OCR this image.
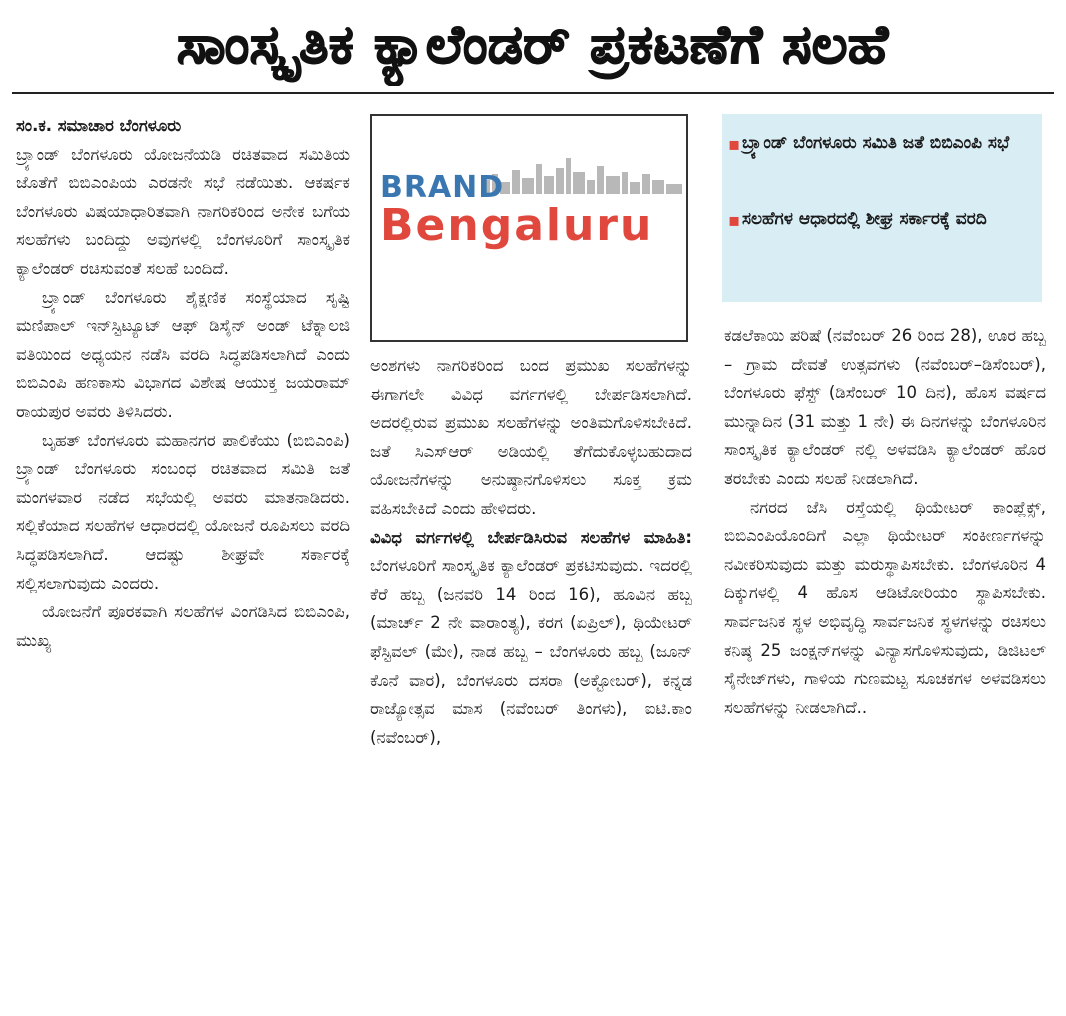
ಸಾಂಸ್ಕೃತಿಕ ಕ್ಯಾಲೆಂಡರ್ ಪ್ರಕಟಣೆಗೆ ಸಲಹೆ

ಸಂ.ಕ. ಸಮಾಚಾರ ಬೆಂಗಳೂರು

ಬ್ರ್ಯಾಂಡ್ ಬೆಂಗಳೂರು ಯೋಜನೆಯಡಿ ರಚಿತವಾದ ಸಮಿತಿಯ ಜೊತೆಗೆ ಬಿಬಿಎಂಪಿಯ ಎರಡನೇ ಸಭೆ ನಡೆಯಿತು. ಆಕರ್ಷಕ ಬೆಂಗಳೂರು ವಿಷಯಾಧಾರಿತವಾಗಿ ನಾಗರಿಕರಿಂದ ಅನೇಕ ಬಗೆಯ ಸಲಹೆಗಳು ಬಂದಿದ್ದು ಅವುಗಳಲ್ಲಿ ಬೆಂಗಳೂರಿಗೆ ಸಾಂಸ್ಕೃತಿಕ ಕ್ಯಾಲೆಂಡರ್ ರಚಿಸುವಂತೆ ಸಲಹೆ ಬಂದಿದೆ.

ಬ್ರ್ಯಾಂಡ್ ಬೆಂಗಳೂರು ಶೈಕ್ಷಣಿಕ ಸಂಸ್ಥೆಯಾದ ಸೃಷ್ಟಿ ಮಣಿಪಾಲ್ ಇನ್‌ಸ್ಟಿಟ್ಯೂಟ್ ಆಫ್ ಡಿಸೈನ್ ಅಂಡ್ ಟೆಕ್ನಾಲಜಿ ವತಿಯಿಂದ ಅಧ್ಯಯನ ನಡೆಸಿ ವರದಿ ಸಿದ್ಧಪಡಿಸಲಾಗಿದೆ ಎಂದು ಬಿಬಿಎಂಪಿ ಹಣಕಾಸು ವಿಭಾಗದ ವಿಶೇಷ ಆಯುಕ್ತ ಜಯರಾಮ್ ರಾಯಪುರ ಅವರು ತಿಳಿಸಿದರು.

ಬೃಹತ್ ಬೆಂಗಳೂರು ಮಹಾನಗರ ಪಾಲಿಕೆಯು (ಬಿಬಿಎಂಪಿ) ಬ್ರ್ಯಾಂಡ್ ಬೆಂಗಳೂರು ಸಂಬಂಧ ರಚಿತವಾದ ಸಮಿತಿ ಜತೆ ಮಂಗಳವಾರ ನಡೆದ ಸಭೆಯಲ್ಲಿ ಅವರು ಮಾತನಾಡಿದರು. ಸಲ್ಲಿಕೆಯಾದ ಸಲಹೆಗಳ ಆಧಾರದಲ್ಲಿ ಯೋಜನೆ ರೂಪಿಸಲು ವರದಿ ಸಿದ್ಧಪಡಿಸಲಾಗಿದೆ. ಆದಷ್ಟು ಶೀಘ್ರವೇ ಸರ್ಕಾರಕ್ಕೆ ಸಲ್ಲಿಸಲಾಗುವುದು ಎಂದರು.

ಯೋಜನೆಗೆ ಪೂರಕವಾಗಿ ಸಲಹೆಗಳ ವಿಂಗಡಿಸಿದ ಬಿಬಿಎಂಪಿ, ಮುಖ್ಯ

BRAND
Bengaluru
▪ ಬ್ರ್ಯಾಂಡ್ ಬೆಂಗಳೂರು ಸಮಿತಿ ಜತೆ ಬಿಬಿಎಂಪಿ ಸಭೆ
▪ ಸಲಹೆಗಳ ಆಧಾರದಲ್ಲಿ ಶೀಘ್ರ ಸರ್ಕಾರಕ್ಕೆ ವರದಿ

ಅಂಶಗಳು ನಾಗರಿಕರಿಂದ ಬಂದ ಪ್ರಮುಖ ಸಲಹೆಗಳನ್ನು ಈಗಾಗಲೇ ವಿವಿಧ ವರ್ಗಗಳಲ್ಲಿ ಬೇರ್ಪಡಿಸಲಾಗಿದೆ. ಅದರಲ್ಲಿರುವ ಪ್ರಮುಖ ಸಲಹೆಗಳನ್ನು ಅಂತಿಮಗೊಳಿಸಬೇಕಿದೆ. ಜತೆ ಸಿಎಸ್‌ಆರ್ ಅಡಿಯಲ್ಲಿ ತೆಗೆದುಕೊಳ್ಳಬಹುದಾದ ಯೋಜನೆಗಳನ್ನು ಅನುಷ್ಠಾನಗೊಳಿಸಲು ಸೂಕ್ತ ಕ್ರಮ ವಹಿಸಬೇಕಿದೆ ಎಂದು ಹೇಳಿದರು.

ವಿವಿಧ ವರ್ಗಗಳಲ್ಲಿ ಬೇರ್ಪಡಿಸಿರುವ ಸಲಹೆಗಳ ಮಾಹಿತಿ: ಬೆಂಗಳೂರಿಗೆ ಸಾಂಸ್ಕೃತಿಕ ಕ್ಯಾಲೆಂಡರ್ ಪ್ರಕಟಿಸುವುದು. ಇದರಲ್ಲಿ ಕೆರೆ ಹಬ್ಬ (ಜನವರಿ 14 ರಿಂದ 16), ಹೂವಿನ ಹಬ್ಬ (ಮಾರ್ಚ್ 2 ನೇ ವಾರಾಂತ್ಯ), ಕರಗ (ಏಪ್ರಿಲ್), ಥಿಯೇಟರ್ ಫೆಸ್ಟಿವಲ್ (ಮೇ), ನಾಡ ಹಬ್ಬ – ಬೆಂಗಳೂರು ಹಬ್ಬ (ಜೂನ್ ಕೊನೆ ವಾರ), ಬೆಂಗಳೂರು ದಸರಾ (ಅಕ್ಟೋಬರ್), ಕನ್ನಡ ರಾಜ್ಯೋತ್ಸವ ಮಾಸ (ನವೆಂಬರ್ ತಿಂಗಳು), ಐಟಿ.ಕಾಂ (ನವೆಂಬರ್),

ಕಡಲೆಕಾಯಿ ಪರಿಷೆ (ನವೆಂಬರ್ 26 ರಿಂದ 28), ಊರ ಹಬ್ಬ – ಗ್ರಾಮ ದೇವತೆ ಉತ್ಸವಗಳು (ನವೆಂಬರ್–ಡಿಸೆಂಬರ್), ಬೆಂಗಳೂರು ಫೆಸ್ಟ್ (ಡಿಸೆಂಬರ್ 10 ದಿನ), ಹೊಸ ವರ್ಷದ ಮುನ್ನಾದಿನ (31 ಮತ್ತು 1 ನೇ) ಈ ದಿನಗಳನ್ನು ಬೆಂಗಳೂರಿನ ಸಾಂಸ್ಕೃತಿಕ ಕ್ಯಾಲೆಂಡರ್ ನಲ್ಲಿ ಅಳವಡಿಸಿ ಕ್ಯಾಲೆಂಡರ್ ಹೊರ ತರಬೇಕು ಎಂದು ಸಲಹೆ ನೀಡಲಾಗಿದೆ.

ನಗರದ ಜೆಸಿ ರಸ್ತೆಯಲ್ಲಿ ಥಿಯೇಟರ್ ಕಾಂಪ್ಲೆಕ್ಸ್, ಬಿಬಿಎಂಪಿಯೊಂದಿಗೆ ಎಲ್ಲಾ ಥಿಯೇಟರ್ ಸಂಕೀರ್ಣಗಳನ್ನು ನವೀಕರಿಸುವುದು ಮತ್ತು ಮರುಸ್ಥಾಪಿಸಬೇಕು. ಬೆಂಗಳೂರಿನ 4 ದಿಕ್ಕುಗಳಲ್ಲಿ 4 ಹೊಸ ಆಡಿಟೋರಿಯಂ ಸ್ಥಾಪಿಸಬೇಕು. ಸಾರ್ವಜನಿಕ ಸ್ಥಳ ಅಭಿವೃದ್ಧಿ ಸಾರ್ವಜನಿಕ ಸ್ಥಳಗಳನ್ನು ರಚಿಸಲು ಕನಿಷ್ಠ 25 ಜಂಕ್ಷನ್‌ಗಳನ್ನು ವಿನ್ಯಾಸಗೊಳಿಸುವುದು, ಡಿಜಿಟಲ್ ಸೈನೇಜ್‌ಗಳು, ಗಾಳಿಯ ಗುಣಮಟ್ಟ ಸೂಚಕಗಳ ಅಳವಡಿಸಲು ಸಲಹೆಗಳನ್ನು ನೀಡಲಾಗಿದೆ..
